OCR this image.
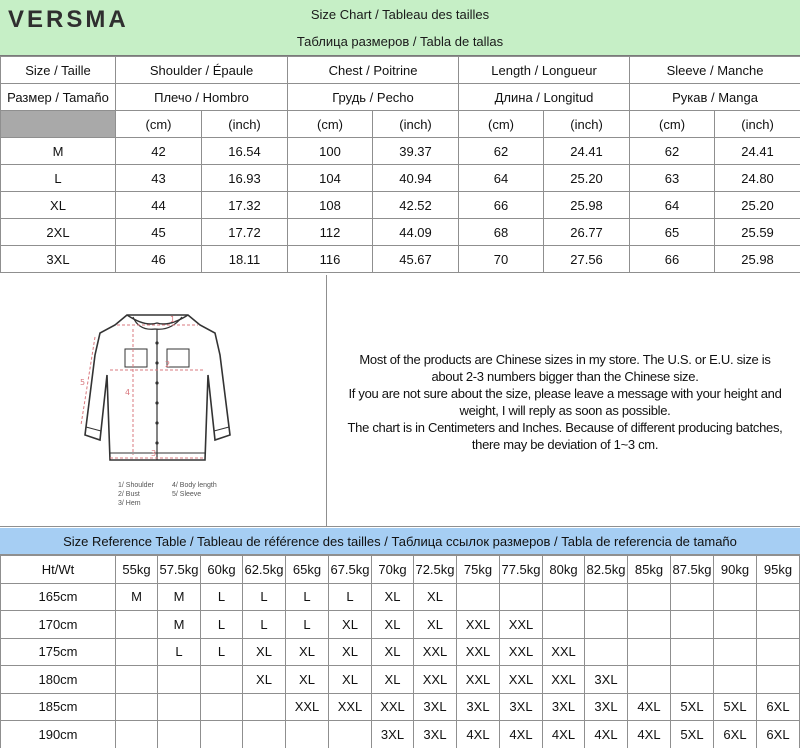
VERSMA	Size Chart / Tableau des tailles
Таблица размеров / Tabla de tallas
Size / Taille	Shoulder / Épaule		Chest / Poitrine		Length / Longueur		Sleeve / Manche	
Размер / Tamaño	Плечо / Hombro		Грудь / Pecho		Длина / Longitud		Рукав / Manga	
	(cm)	(inch)	(cm)	(inch)	(cm)	(inch)	(cm)	(inch)
M	42	16.54	100	39.37	62	24.41	62	24.41
L	43	16.93	104	40.94	64	25.20	63	24.80
XL	44	17.32	108	42.52	66	25.98	64	25.20
2XL	45	17.72	112	44.09	68	26.77	65	25.59
3XL	46	18.11	116	45.67	70	27.56	66	25.98
1
2
3
4
5
1/ Shoulder
2/ Bust
3/ Hem
4/ Body length
5/ Sleeve
Most of the products are Chinese sizes in my store. The U.S. or E.U. size is
about 2-3 numbers bigger than the Chinese size.
If you are not sure about the size, please leave a message with your height and
weight, I will reply as soon as possible.
The chart is in Centimeters and Inches. Because of different producing batches,
there may be deviation of 1~3 cm.
Size Reference Table / Tableau de référence des tailles / Таблица ссылок размеров / Tabla de referencia de tamaño
Ht/Wt	55kg	57.5kg	60kg	62.5kg	65kg	67.5kg	70kg	72.5kg	75kg	77.5kg	80kg	82.5kg	85kg	87.5kg	90kg	95kg
165cm	M	M	L	L	L	L	XL	XL								
170cm		M	L	L	L	XL	XL	XL	XXL	XXL						
175cm		L	L	XL	XL	XL	XL	XXL	XXL	XXL	XXL					
180cm				XL	XL	XL	XL	XXL	XXL	XXL	XXL	3XL				
185cm					XXL	XXL	XXL	3XL	3XL	3XL	3XL	3XL	4XL	5XL	5XL	6XL
190cm							3XL	3XL	4XL	4XL	4XL	4XL	4XL	5XL	6XL	6XL
